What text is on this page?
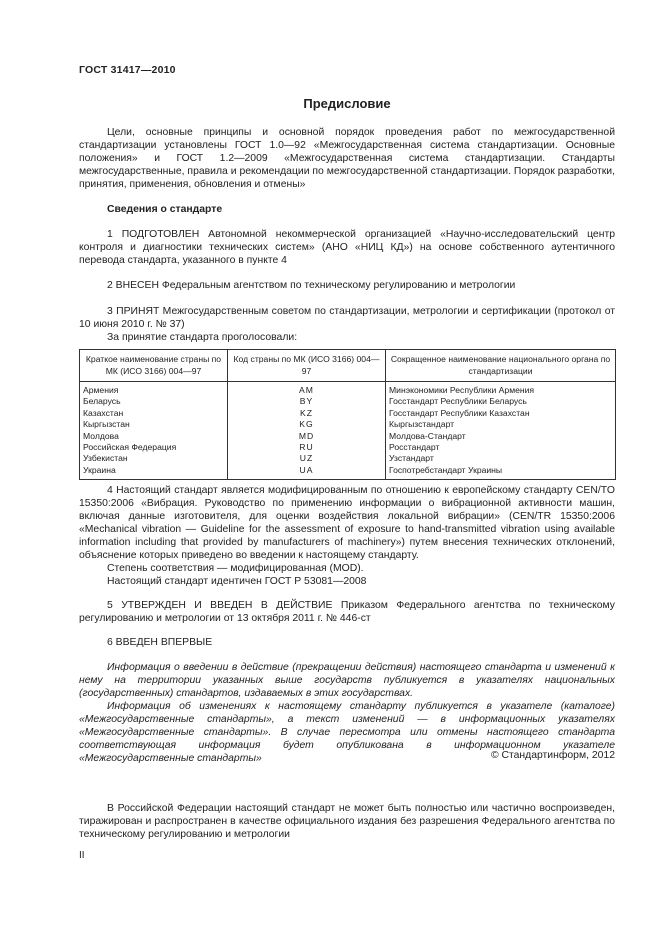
ГОСТ 31417—2010
Предисловие

Цели, основные принципы и основной порядок проведения работ по межгосударственной стандартизации установлены ГОСТ 1.0—92 «Межгосударственная система стандартизации. Основные положения» и ГОСТ 1.2—2009 «Межгосударственная система стандартизации. Стандарты межгосударственные, правила и рекомендации по межгосударственной стандартизации. Порядок разработки, принятия, применения, обновления и отмены»

Сведения о стандарте

1 ПОДГОТОВЛЕН Автономной некоммерческой организацией «Научно-исследовательский центр контроля и диагностики технических систем» (АНО «НИЦ КД») на основе собственного аутентичного перевода стандарта, указанного в пункте 4

2 ВНЕСЕН Федеральным агентством по техническому регулированию и метрологии

3 ПРИНЯТ Межгосударственным советом по стандартизации, метрологии и сертификации (протокол от 10 июня 2010 г. № 37)

За принятие стандарта проголосовали:

Краткое наименование страны по МК (ИСО 3166) 004—97	Код страны по МК (ИСО 3166) 004—97	Сокращенное наименование национального органа по стандартизации
Армения	AM	Минэкономики Республики Армения
Беларусь	BY	Госстандарт Республики Беларусь
Казахстан	KZ	Госстандарт Республики Казахстан
Кыргызстан	KG	Кыргызстандарт
Молдова	MD	Молдова-Стандарт
Российская Федерация	RU	Росстандарт
Узбекистан	UZ	Узстандарт
Украина	UA	Госпотребстандарт Украины

4 Настоящий стандарт является модифицированным по отношению к европейскому стандарту CEN/TO 15350:2006 «Вибрация. Руководство по применению информации о вибрационной активности машин, включая данные изготовителя, для оценки воздействия локальной вибрации» (CEN/TR 15350:2006 «Mechanical vibration — Guideline for the assessment of exposure to hand-transmitted vibration using available information including that provided by manufacturers of machinery») путем внесения технических отклонений, объяснение которых приведено во введении к настоящему стандарту.

Степень соответствия — модифицированная (MOD).

Настоящий стандарт идентичен ГОСТ Р 53081—2008

5 УТВЕРЖДЕН И ВВЕДЕН В ДЕЙСТВИЕ Приказом Федерального агентства по техническому регулированию и метрологии от 13 октября 2011 г. № 446-ст

6 ВВЕДЕН ВПЕРВЫЕ

Информация о введении в действие (прекращении действия) настоящего стандарта и изменений к нему на территории указанных выше государств публикуется в указателях национальных (государственных) стандартов, издаваемых в этих государствах.

Информация об изменениях к настоящему стандарту публикуется в указателе (каталоге) «Межгосударственные стандарты», а текст изменений — в информационных указателях «Межгосударственные стандарты». В случае пересмотра или отмены настоящего стандарта соответствующая информация будет опубликована в информационном указателе «Межгосударственные стандарты»	© Стандартинформ, 2012

В Российской Федерации настоящий стандарт не может быть полностью или частично воспроизведен, тиражирован и распространен в качестве официального издания без разрешения Федерального агентства по техническому регулированию и метрологии

II
